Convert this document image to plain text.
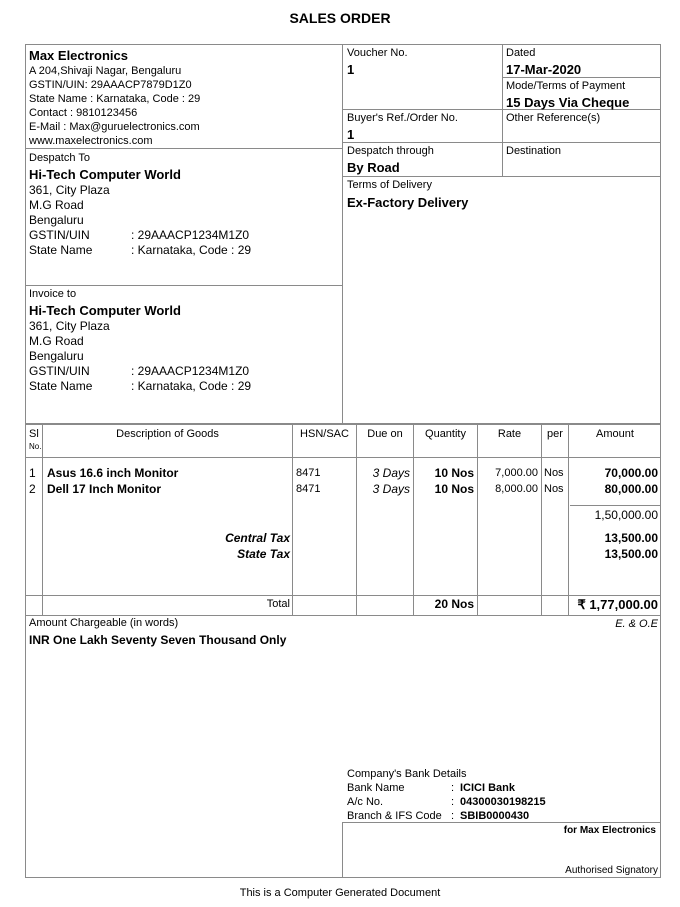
SALES ORDER
Max Electronics
A 204,Shivaji Nagar, Bengaluru
GSTIN/UIN: 29AAACP7879D1Z0
State Name : Karnataka, Code : 29
Contact : 9810123456
E-Mail : Max@guruelectronics.com
www.maxelectronics.com
Despatch To
Hi-Tech Computer World
361, City Plaza
M.G Road
Bengaluru
GSTIN/UIN	: 29AAACP1234M1Z0
State Name	: Karnataka, Code : 29
Invoice to
Hi-Tech Computer World
361, City Plaza
M.G Road
Bengaluru
GSTIN/UIN	: 29AAACP1234M1Z0
State Name	: Karnataka, Code : 29
Voucher No.
1
Dated
17-Mar-2020
Mode/Terms of Payment
15 Days Via Cheque
Buyer's Ref./Order No.
1
Other Reference(s)
Despatch through
By Road
Destination
Terms of Delivery
Ex-Factory Delivery
Sl
No.
Description of Goods	HSN/SAC	Due on	Quantity	Rate	per	Amount
1 Asus 16.6 inch Monitor	8471	3 Days	10 Nos	7,000.00 Nos	70,000.00
2 Dell 17 Inch Monitor	8471	3 Days	10 Nos	8,000.00 Nos	80,000.00
1,50,000.00
Central Tax	13,500.00
State Tax	13,500.00
Total	20 Nos	₹ 1,77,000.00
Amount Chargeable (in words)	E. & O.E
INR One Lakh Seventy Seven Thousand Only
Company's Bank Details
Bank Name	: ICICI Bank
A/c No.	: 04300030198215
Branch & IFS Code : SBIB0000430
for Max Electronics
Authorised Signatory
This is a Computer Generated Document
